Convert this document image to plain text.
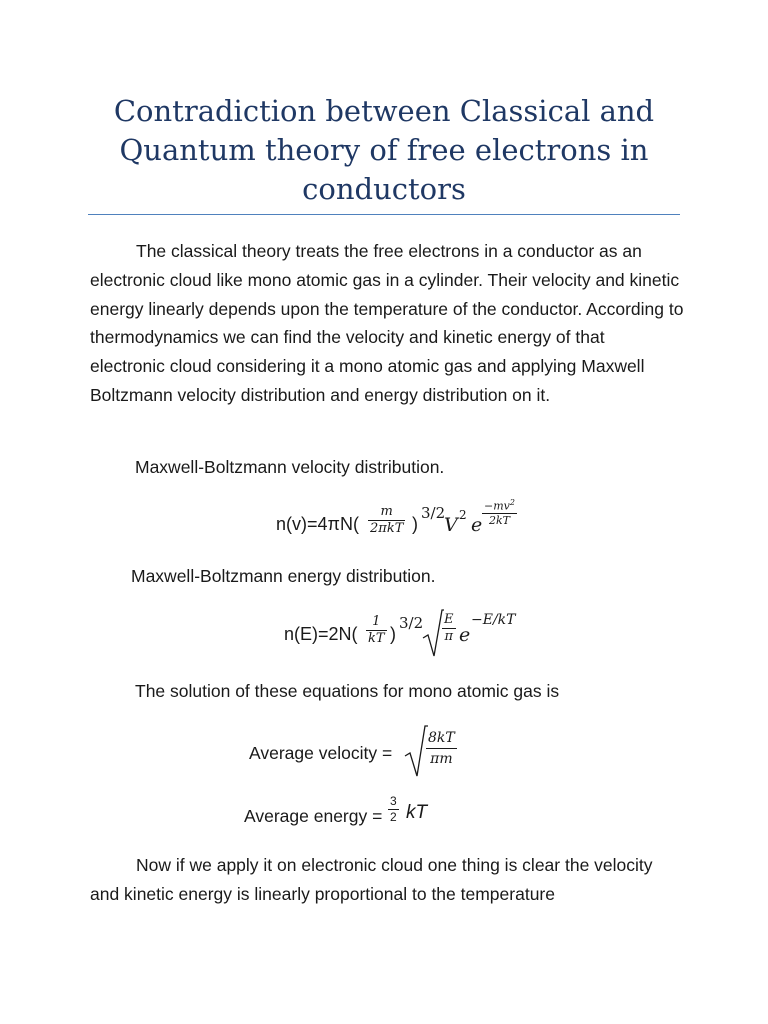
Contradiction between Classical and Quantum theory of free electrons in conductors
The classical theory treats the free electrons in a conductor as an electronic cloud like mono atomic gas in a cylinder. Their velocity and kinetic energy linearly depends upon the temperature of the conductor. According to thermodynamics we can find the velocity and kinetic energy of that electronic cloud considering it a mono atomic gas and applying Maxwell Boltzmann velocity distribution and energy distribution on it.
Maxwell-Boltzmann velocity distribution.
n(v)=4πN(
m
2πkT )
3/2
V 2 e $\frac{-mv^2}{2kT}$
Maxwell-Boltzmann energy distribution.
$n(E)=2N( \frac{1}{kT}$ )
$3/2 \frac{E}{\pi}$ e
−E/kT
The solution of these equations for mono atomic gas is
Average velocity = $\frac{8kT}{\pi m}$
Average energy = $\frac{3}{2}$ kT
Now if we apply it on electronic cloud one thing is clear the velocity and kinetic energy is linearly proportional to the temperature
